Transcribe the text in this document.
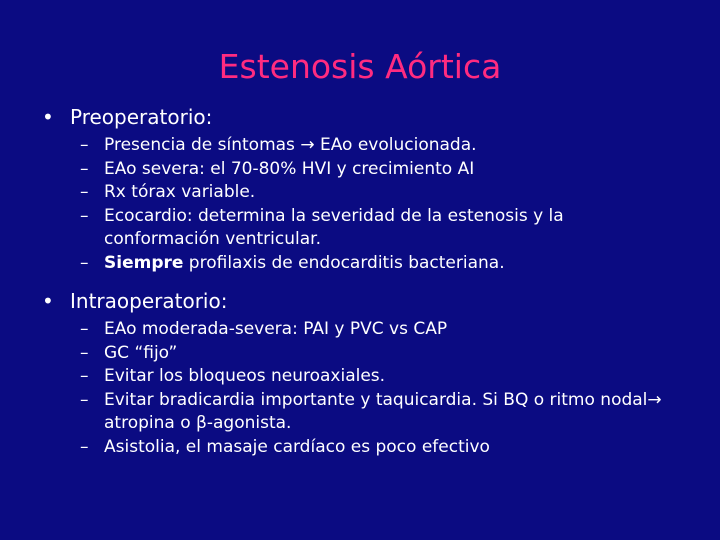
Estenosis Aórtica
• Preoperatorio:
– Presencia de síntomas → EAo evolucionada.
– EAo severa: el 70-80% HVI y crecimiento AI
– Rx tórax variable.
– Ecocardio: determina la severidad de la estenosis y la conformación ventricular.
– Siempre profilaxis de endocarditis bacteriana.
• Intraoperatorio:
– EAo moderada-severa: PAI y PVC vs CAP
– GC “fijo”
– Evitar los bloqueos neuroaxiales.
– Evitar bradicardia importante y taquicardia. Si BQ o ritmo nodal→ atropina o β-agonista.
– Asistolia, el masaje cardíaco es poco efectivo
